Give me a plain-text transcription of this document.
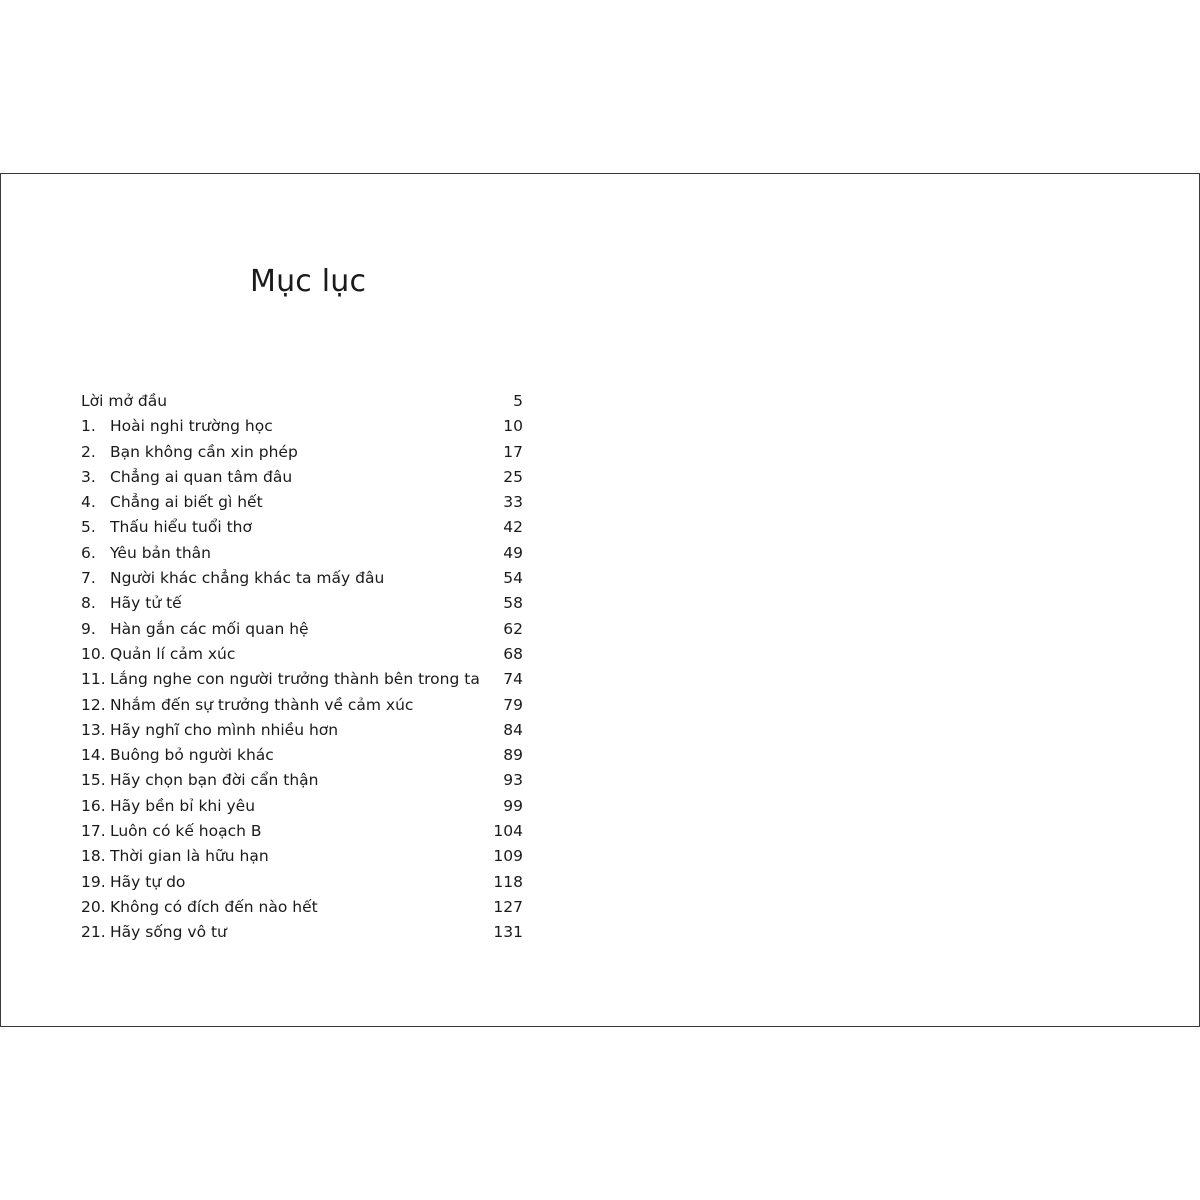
Mục lục
Lời mở đầu	5
1. Hoài nghi trường học	10
2. Bạn không cần xin phép	17
3. Chẳng ai quan tâm đâu	25
4. Chẳng ai biết gì hết	33
5. Thấu hiểu tuổi thơ	42
6. Yêu bản thân	49
7. Người khác chẳng khác ta mấy đâu	54
8. Hãy tử tế	58
9. Hàn gắn các mối quan hệ	62
10. Quản lí cảm xúc	68
11. Lắng nghe con người trưởng thành bên trong ta 74
12. Nhắm đến sự trưởng thành về cảm xúc	79
13. Hãy nghĩ cho mình nhiều hơn	84
14. Buông bỏ người khác	89
15. Hãy chọn bạn đời cẩn thận	93
16. Hãy bền bỉ khi yêu	99
17. Luôn có kế hoạch B	104
18. Thời gian là hữu hạn	109
19. Hãy tự do	118
20. Không có đích đến nào hết	127
21. Hãy sống vô tư	131
